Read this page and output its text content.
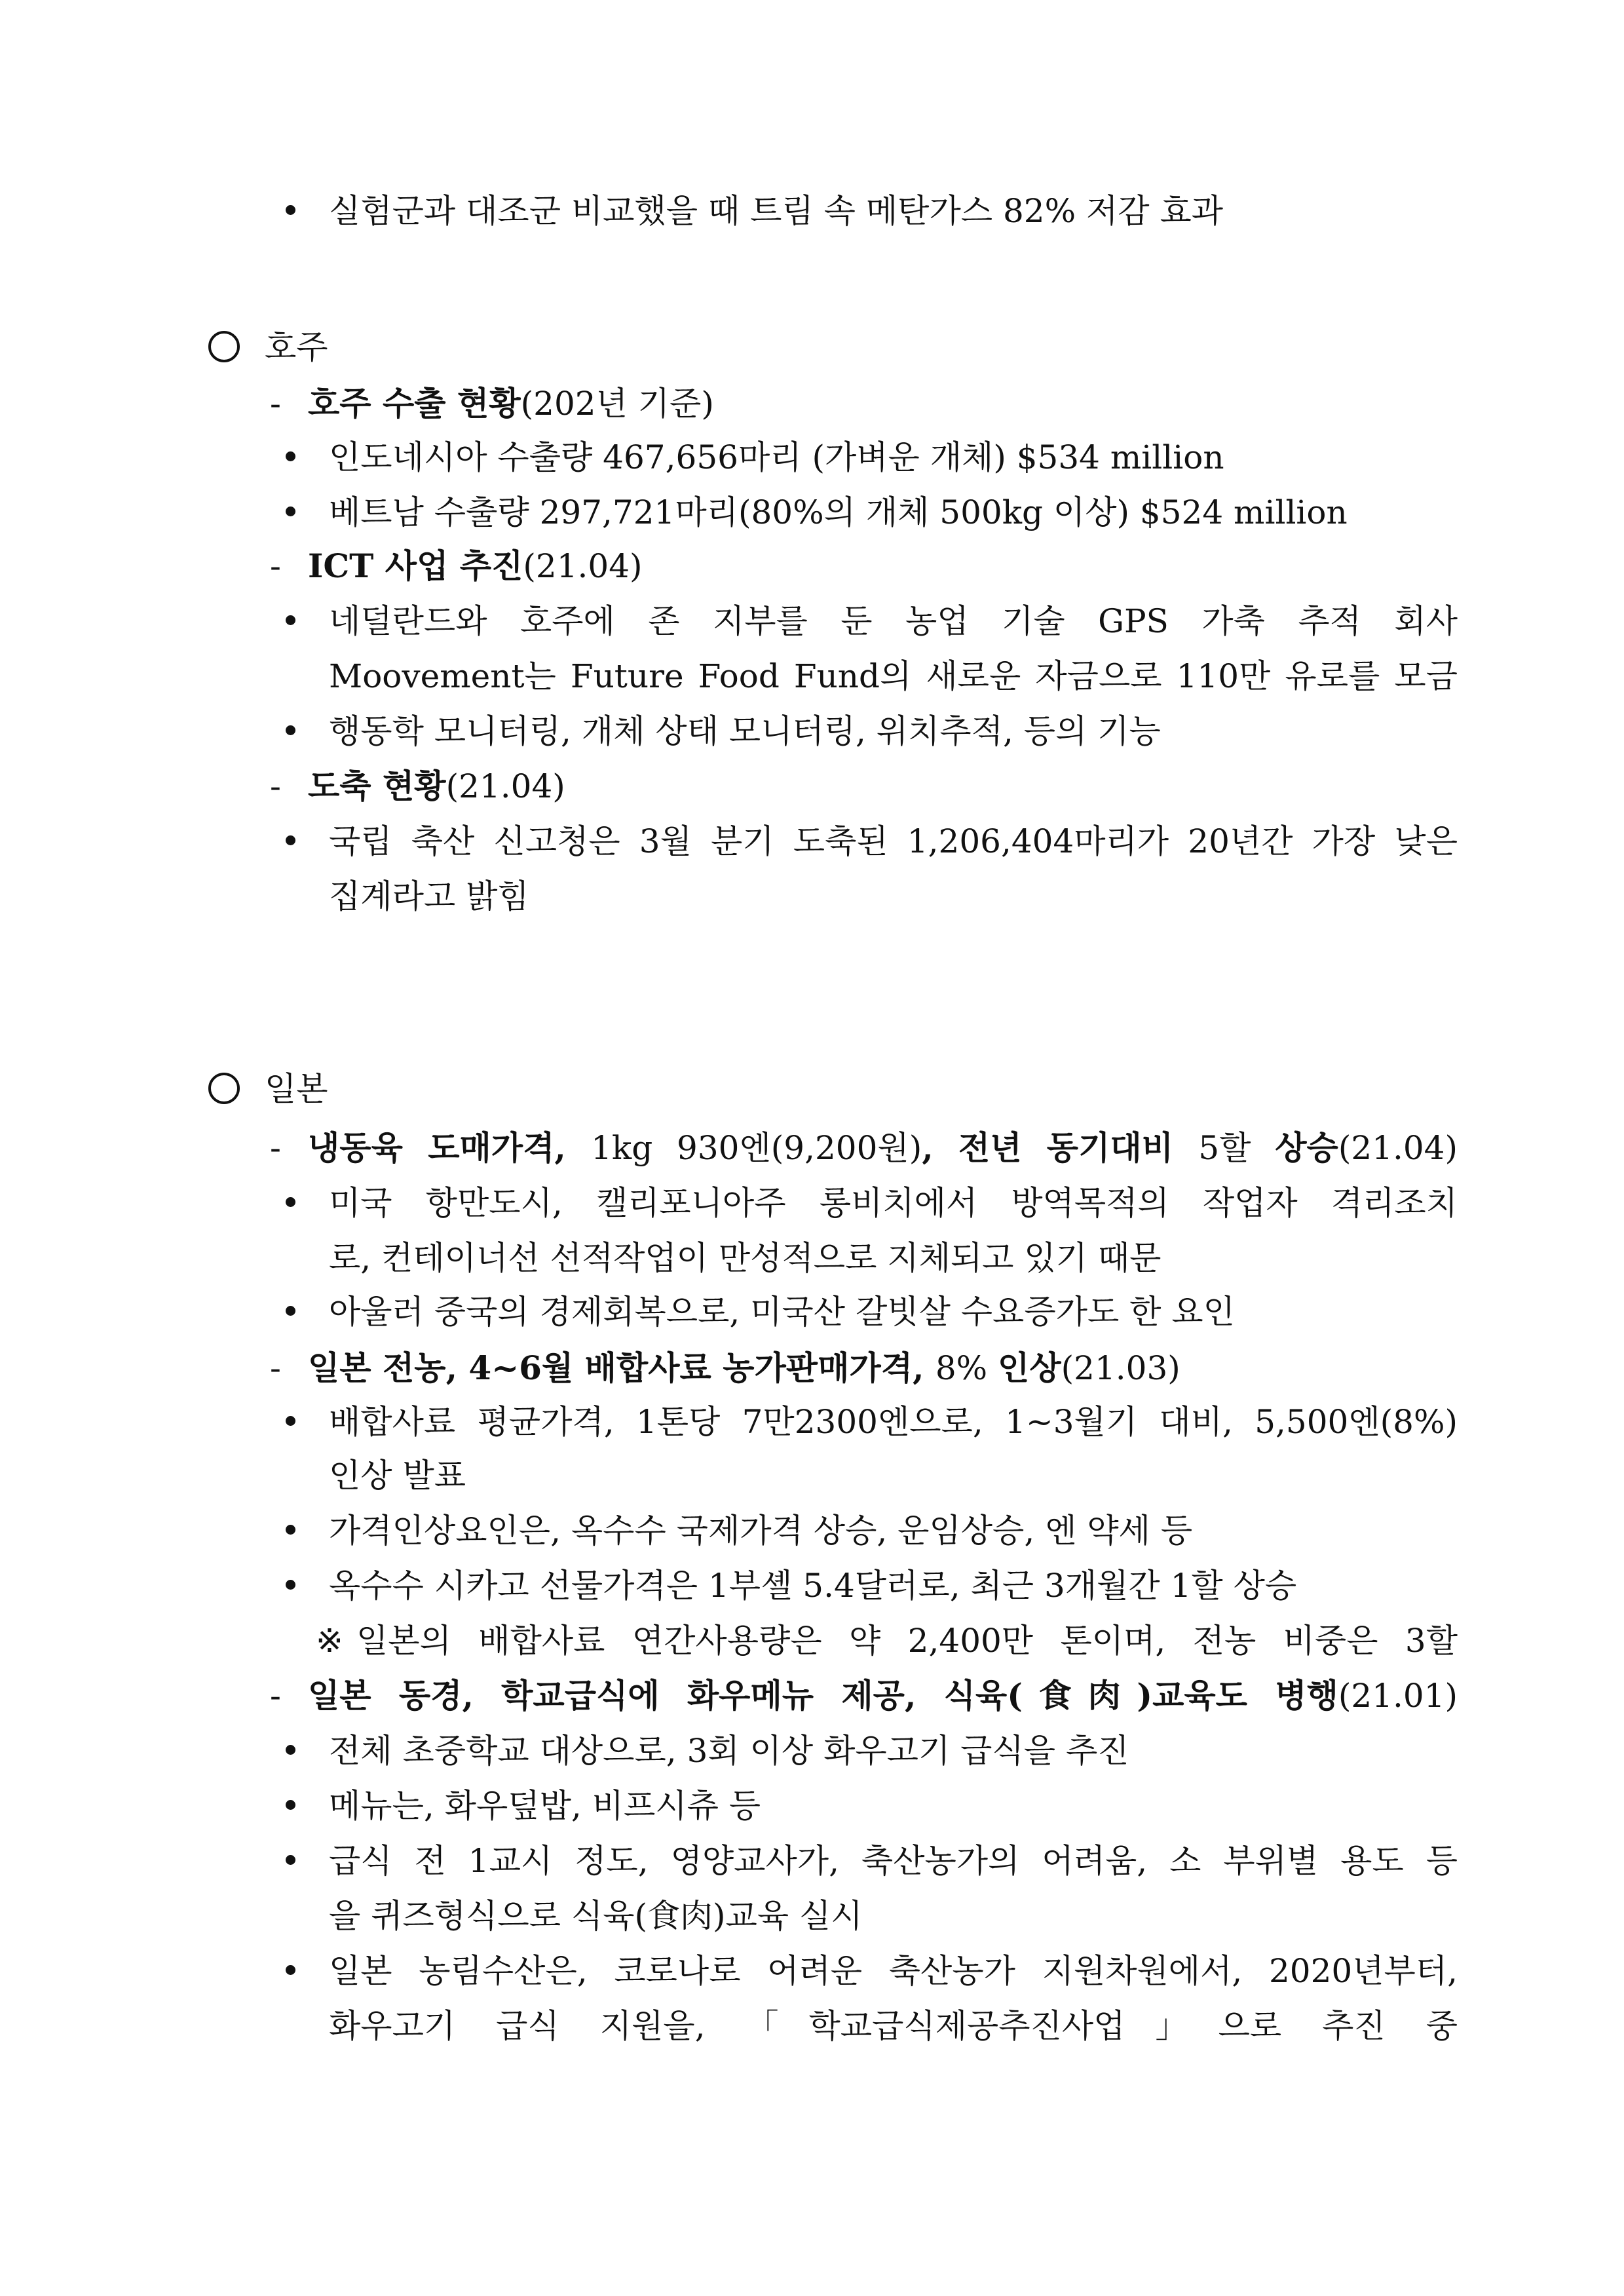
실험군과 대조군 비교했을 때 트림 속 메탄가스 82% 저감 효과
호주
- 호주 수출 현황(202년 기준)
인도네시아 수출량 467,656마리 (가벼운 개체) $534 million
베트남 수출량 297,721마리(80%의 개체 500kg 이상) $524 million
- ICT 사업 추진(21.04)
네덜란드와 호주에 존 지부를 둔 농업 기술 GPS 가축 추적 회사
Moovement는 Future Food Fund의 새로운 자금으로 110만 유로를 모금
행동학 모니터링, 개체 상태 모니터링, 위치추적, 등의 기능
- 도축 현황(21.04)
국립 축산 신고청은 3월 분기 도축된 1,206,404마리가 20년간 가장 낮은
집계라고 밝힘
일본
- 냉동육 도매가격, 1kg 930엔(9,200원), 전년 동기대비 5할 상승(21.04)
미국 항만도시, 캘리포니아주 롱비치에서 방역목적의 작업자 격리조치
로, 컨테이너선 선적작업이 만성적으로 지체되고 있기 때문
아울러 중국의 경제회복으로, 미국산 갈빗살 수요증가도 한 요인
- 일본 전농, 4~6월 배합사료 농가판매가격, 8% 인상(21.03)
배합사료 평균가격, 1톤당 7만2300엔으로, 1~3월기 대비, 5,500엔(8%)
인상 발표
가격인상요인은, 옥수수 국제가격 상승, 운임상승, 엔 약세 등
옥수수 시카고 선물가격은 1부셸 5.4달러로, 최근 3개월간 1할 상승
※ 일본의 배합사료 연간사용량은 약 2,400만 톤이며, 전농 비중은 3할
- 일본 동경, 학교급식에 화우메뉴 제공, 식육(食肉)교육도 병행(21.01)
전체 초중학교 대상으로, 3회 이상 화우고기 급식을 추진
메뉴는, 화우덮밥, 비프시츄 등
급식 전 1교시 정도, 영양교사가, 축산농가의 어려움, 소 부위별 용도 등
을 퀴즈형식으로 식육(食肉)교육 실시
일본 농림수산은, 코로나로 어려운 축산농가 지원차원에서, 2020년부터,
화우고기 급식 지원을, 「학교급식제공추진사업」으로 추진 중
